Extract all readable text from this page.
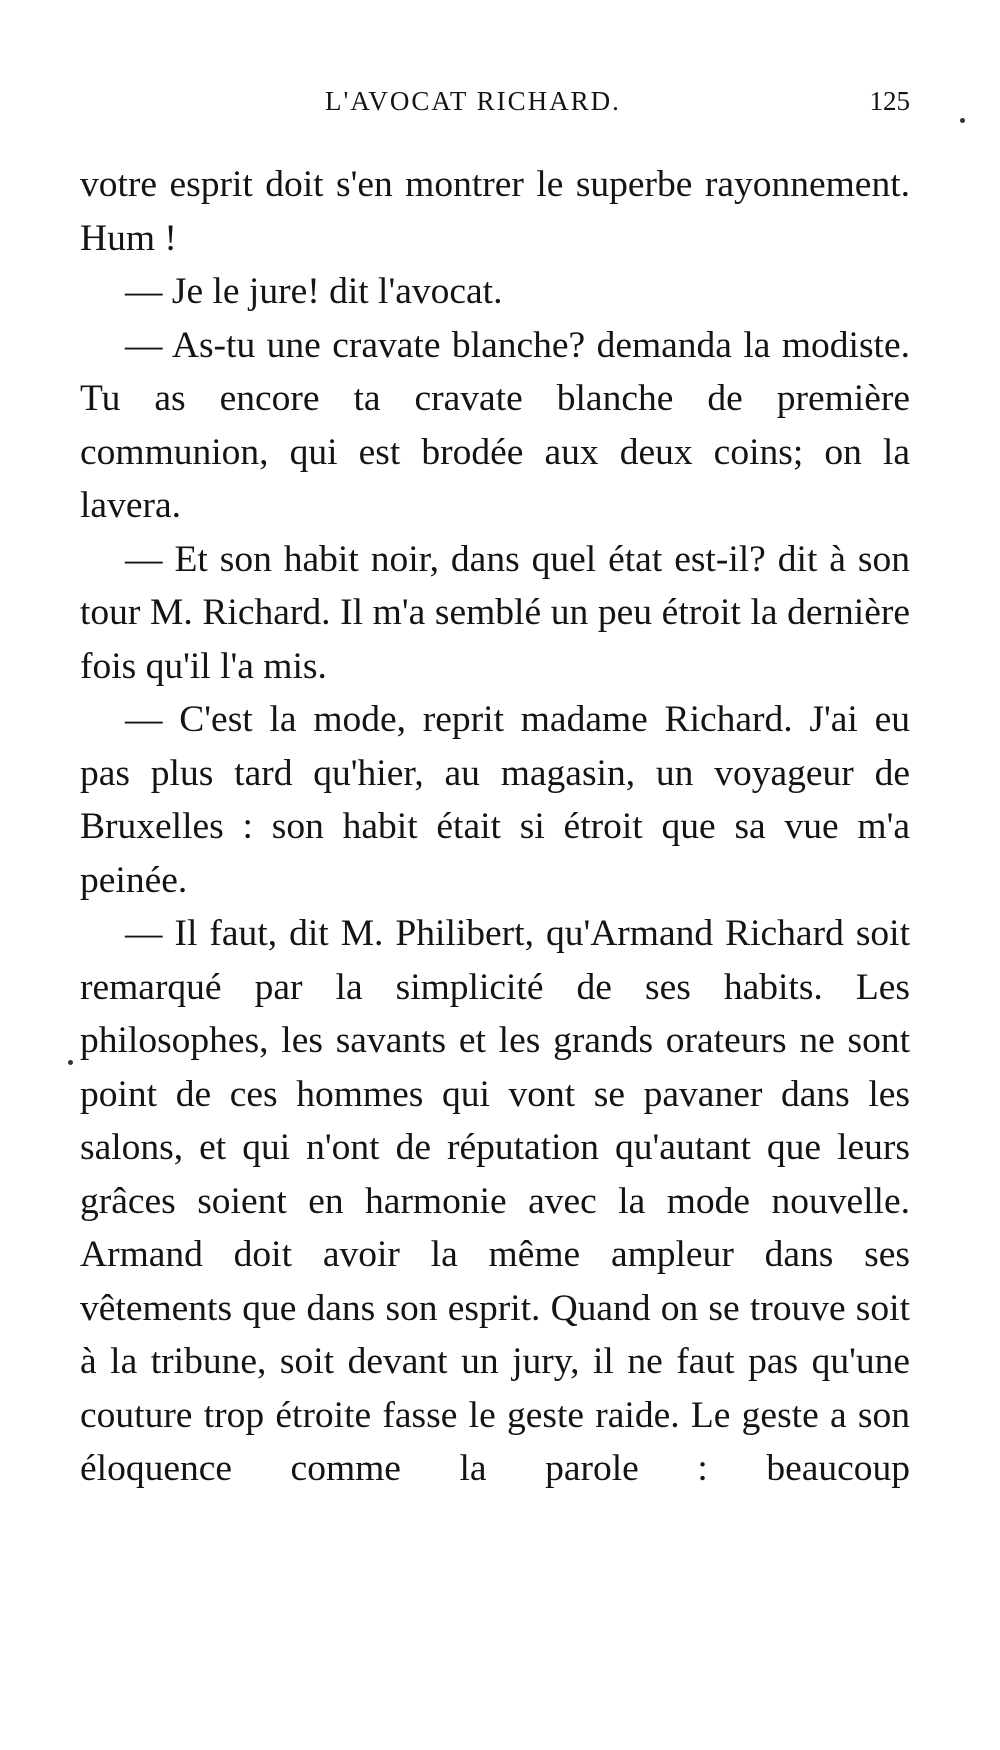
L'AVOCAT RICHARD.	125

votre esprit doit s'en montrer le superbe rayonnement. Hum !

— Je le jure! dit l'avocat.

— As-tu une cravate blanche? demanda la modiste. Tu as encore ta cravate blanche de première communion, qui est brodée aux deux coins; on la lavera.

— Et son habit noir, dans quel état est-il? dit à son tour M. Richard. Il m'a semblé un peu étroit la dernière fois qu'il l'a mis.

— C'est la mode, reprit madame Richard. J'ai eu pas plus tard qu'hier, au magasin, un voyageur de Bruxelles : son habit était si étroit que sa vue m'a peinée.

— Il faut, dit M. Philibert, qu'Armand Richard soit remarqué par la simplicité de ses habits. Les philosophes, les savants et les grands orateurs ne sont point de ces hommes qui vont se pavaner dans les salons, et qui n'ont de réputation qu'autant que leurs grâces soient en harmonie avec la mode nouvelle. Armand doit avoir la même ampleur dans ses vêtements que dans son esprit. Quand on se trouve soit à la tribune, soit devant un jury, il ne faut pas qu'une couture trop étroite fasse le geste raide. Le geste a son éloquence comme la parole : beaucoup
